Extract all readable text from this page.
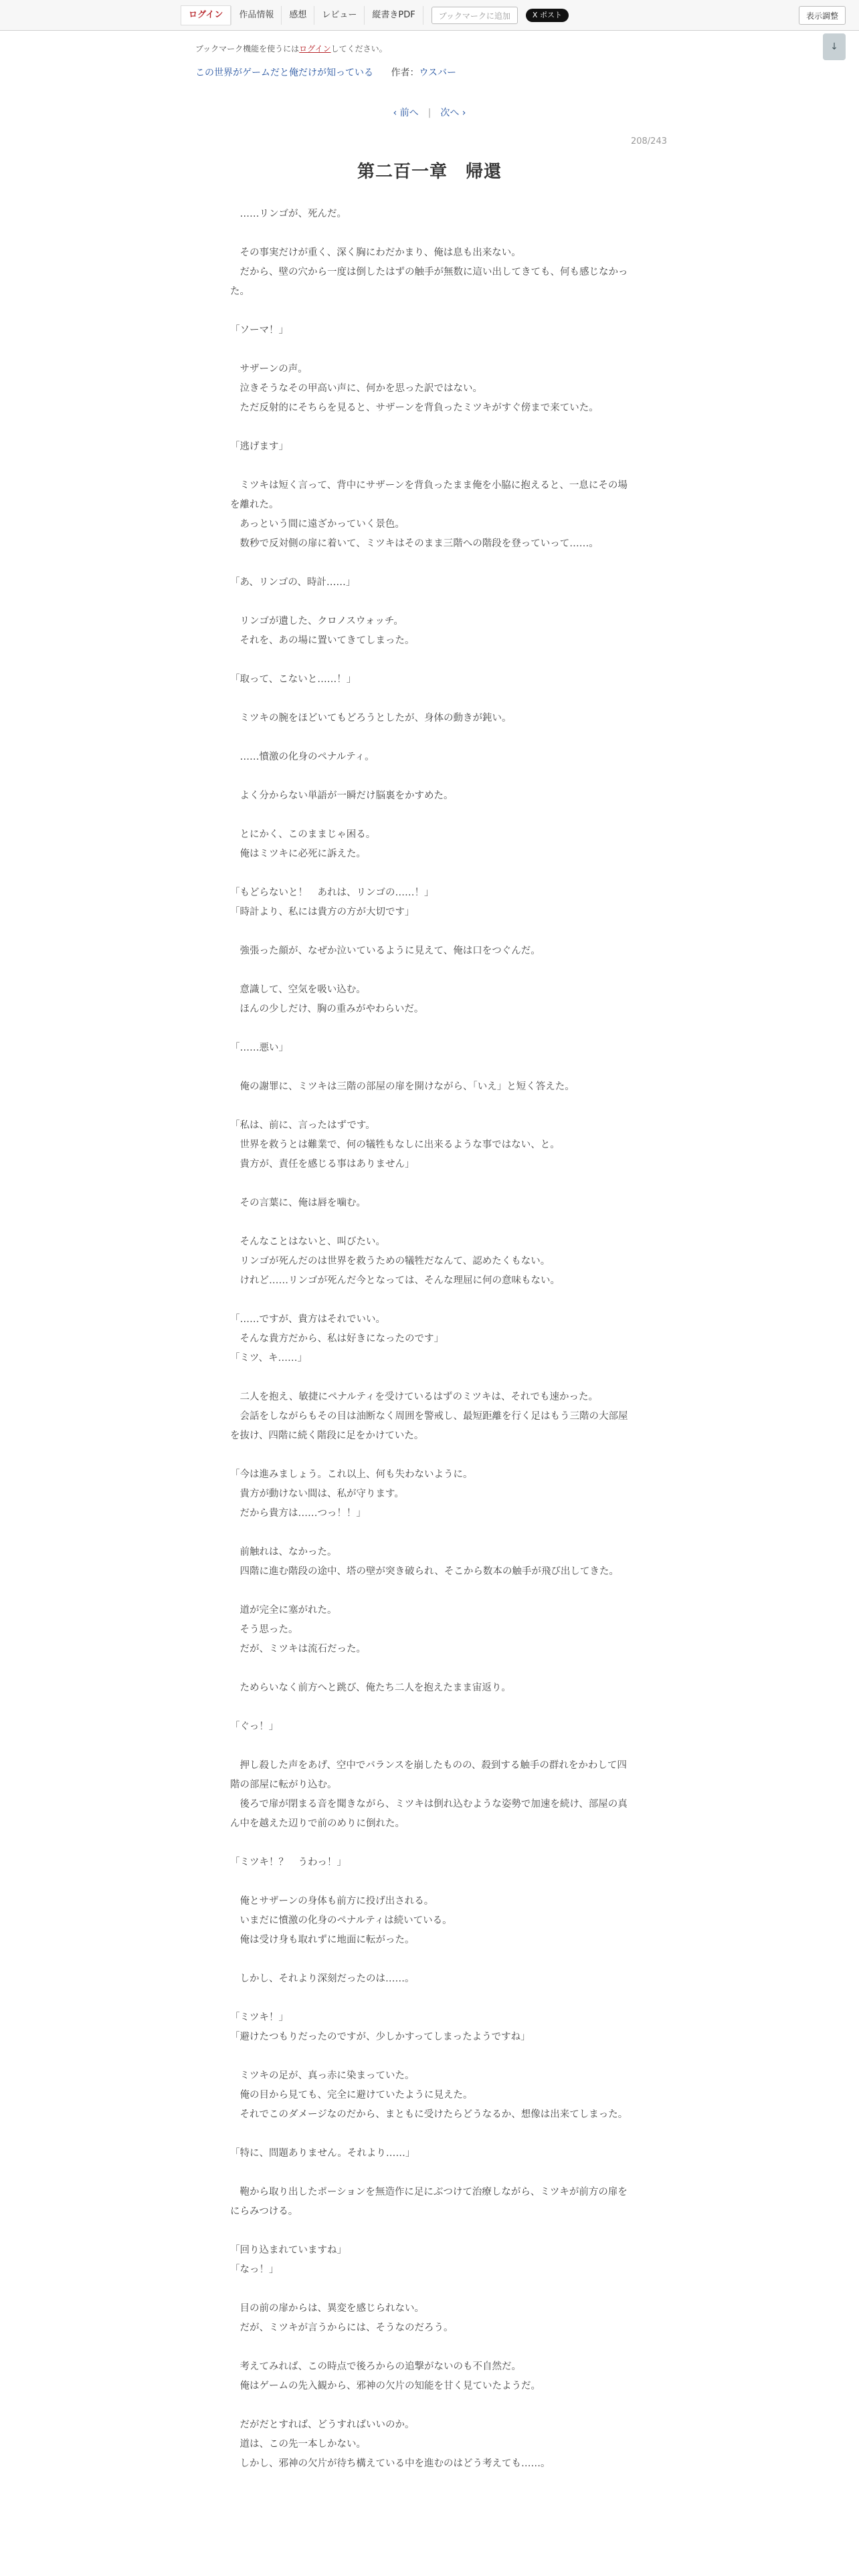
ログイン	作品情報	感想	レビュー	縦書きPDF	ブックマークに追加	X ポスト	表示調整
↓
ブックマーク機能を使うにはログインしてください。
この世界がゲームだと俺だけが知っている 作者：ウスバー
‹ 前へ | 次へ ›
208/243
第二百一章　帰還

　……リンゴが、死んだ。

　その事実だけが重く、深く胸にわだかまり、俺は息も出来ない。

　だから、壁の穴から一度は倒したはずの触手が無数に這い出してきても、何も感じなかった。

「ソーマ！」

　サザーンの声。

　泣きそうなその甲高い声に、何かを思った訳ではない。

　ただ反射的にそちらを見ると、サザーンを背負ったミツキがすぐ傍まで来ていた。

「逃げます」

　ミツキは短く言って、背中にサザーンを背負ったまま俺を小脇に抱えると、一息にその場を離れた。

　あっという間に遠ざかっていく景色。

　数秒で反対側の扉に着いて、ミツキはそのまま三階への階段を登っていって……。

「あ、リンゴの、時計……」

　リンゴが遺した、クロノスウォッチ。

　それを、あの場に置いてきてしまった。

「取って、こないと……！」

　ミツキの腕をほどいてもどろうとしたが、身体の動きが鈍い。

　……憤激の化身のペナルティ。

　よく分からない単語が一瞬だけ脳裏をかすめた。

　とにかく、このままじゃ困る。

　俺はミツキに必死に訴えた。

「もどらないと！　あれは、リンゴの……！」

「時計より、私には貴方の方が大切です」

　強張った顔が、なぜか泣いているように見えて、俺は口をつぐんだ。

　意識して、空気を吸い込む。

　ほんの少しだけ、胸の重みがやわらいだ。

「……悪い」

　俺の謝罪に、ミツキは三階の部屋の扉を開けながら、「いえ」と短く答えた。

「私は、前に、言ったはずです。

　世界を救うとは難業で、何の犠牲もなしに出来るような事ではない、と。

　貴方が、責任を感じる事はありません」

　その言葉に、俺は唇を噛む。

　そんなことはないと、叫びたい。

　リンゴが死んだのは世界を救うための犠牲だなんて、認めたくもない。

　けれど……リンゴが死んだ今となっては、そんな理屈に何の意味もない。

「……ですが、貴方はそれでいい。

　そんな貴方だから、私は好きになったのです」

「ミツ、キ……」

　二人を抱え、敏捷にペナルティを受けているはずのミツキは、それでも速かった。

　会話をしながらもその目は油断なく周囲を警戒し、最短距離を行く足はもう三階の大部屋を抜け、四階に続く階段に足をかけていた。

「今は進みましょう。これ以上、何も失わないように。

　貴方が動けない間は、私が守ります。

　だから貴方は……つっ！！」

　前触れは、なかった。

　四階に進む階段の途中、塔の壁が突き破られ、そこから数本の触手が飛び出してきた。

　道が完全に塞がれた。

　そう思った。

　だが、ミツキは流石だった。

　ためらいなく前方へと跳び、俺たち二人を抱えたまま宙返り。

「ぐっ！」

　押し殺した声をあげ、空中でバランスを崩したものの、殺到する触手の群れをかわして四階の部屋に転がり込む。

　後ろで扉が閉まる音を聞きながら、ミツキは倒れ込むような姿勢で加速を続け、部屋の真ん中を越えた辺りで前のめりに倒れた。

「ミツキ！？　うわっ！」

　俺とサザーンの身体も前方に投げ出される。

　いまだに憤激の化身のペナルティは続いている。

　俺は受け身も取れずに地面に転がった。

　しかし、それより深刻だったのは……。

「ミツキ！」

「避けたつもりだったのですが、少しかすってしまったようですね」

　ミツキの足が、真っ赤に染まっていた。

　俺の目から見ても、完全に避けていたように見えた。

　それでこのダメージなのだから、まともに受けたらどうなるか、想像は出来てしまった。

「特に、問題ありません。それより……」

　鞄から取り出したポーションを無造作に足にぶつけて治療しながら、ミツキが前方の扉をにらみつける。

「回り込まれていますね」

「なっ！」

　目の前の扉からは、異変を感じられない。

　だが、ミツキが言うからには、そうなのだろう。

　考えてみれば、この時点で後ろからの追撃がないのも不自然だ。

　俺はゲームの先入観から、邪神の欠片の知能を甘く見ていたようだ。

　だがだとすれば、どうすればいいのか。

　道は、この先一本しかない。

　しかし、邪神の欠片が待ち構えている中を進むのはどう考えても……。
